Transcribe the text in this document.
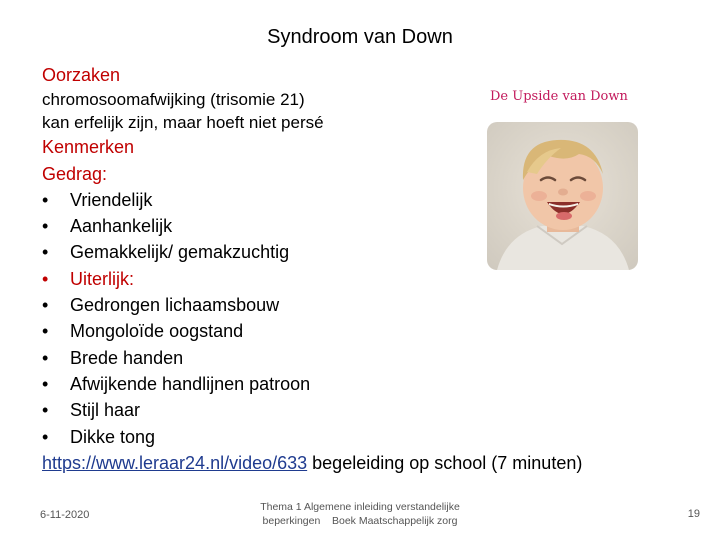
Syndroom van Down
Oorzaken
chromosoomafwijking (trisomie 21)
kan erfelijk zijn, maar hoeft niet persé
Kenmerken
Gedrag:
•	Vriendelijk
•	Aanhankelijk
•	Gemakkelijk/ gemakzuchtig
•	Uiterlijk:
•	Gedrongen lichaamsbouw
•	Mongoloïde oogstand
•	Brede handen
•	Afwijkende handlijnen patroon
•	Stijl haar
•	Dikke tong
https://www.leraar24.nl/video/633 begeleiding op school (7 minuten)
De Upside van Down
6-11-2020
Thema 1 Algemene inleiding verstandelijke
beperkingen    Boek Maatschappelijk zorg
19
